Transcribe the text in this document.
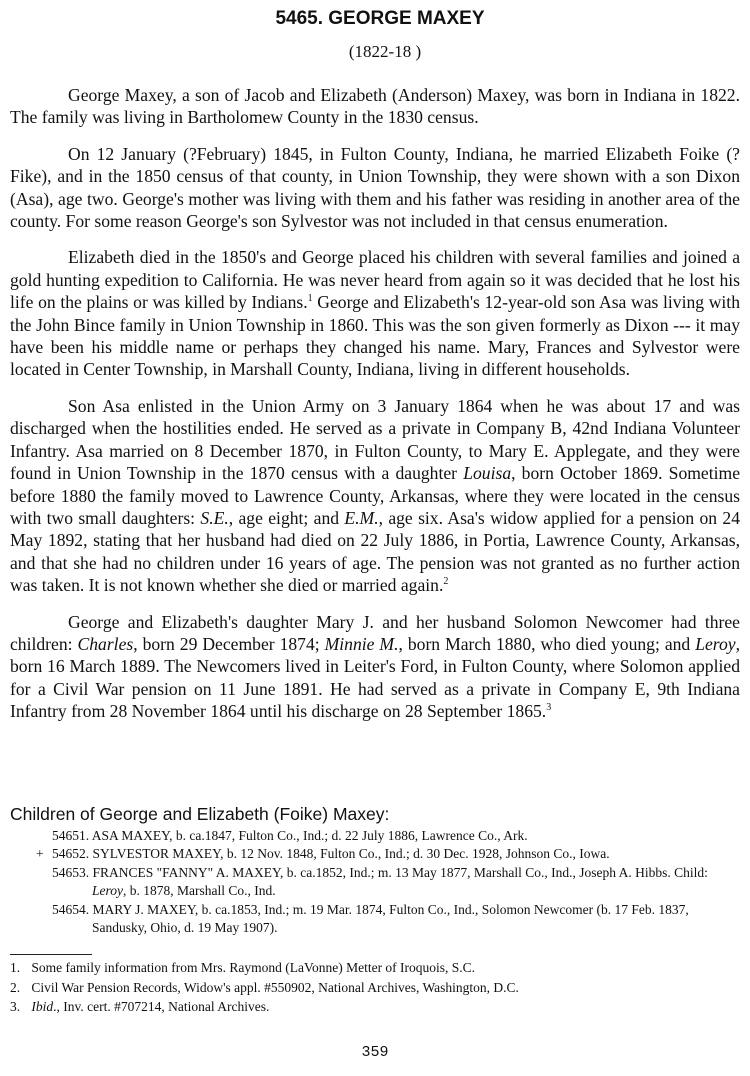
5465. GEORGE MAXEY
(1822-18 )

George Maxey, a son of Jacob and Elizabeth (Anderson) Maxey, was born in Indiana in 1822. The family was living in Bartholomew County in the 1830 census.

On 12 January (?February) 1845, in Fulton County, Indiana, he married Elizabeth Foike (?Fike), and in the 1850 census of that county, in Union Township, they were shown with a son Dixon (Asa), age two. George's mother was living with them and his father was residing in another area of the county. For some reason George's son Sylvestor was not included in that census enumeration.

Elizabeth died in the 1850's and George placed his children with several families and joined a gold hunting expedition to California. He was never heard from again so it was decided that he lost his life on the plains or was killed by Indians.$^1$ George and Elizabeth's 12-year-old son Asa was living with the John Bince family in Union Township in 1860. This was the son given formerly as Dixon --- it may have been his middle name or perhaps they changed his name. Mary, Frances and Sylvestor were located in Center Township, in Marshall County, Indiana, living in different households.

Son Asa enlisted in the Union Army on 3 January 1864 when he was about 17 and was discharged when the hostilities ended. He served as a private in Company B, 42nd Indiana Volunteer Infantry. Asa married on 8 December 1870, in Fulton County, to Mary E. Applegate, and they were found in Union Township in the 1870 census with a daughter Louisa, born October 1869. Sometime before 1880 the family moved to Lawrence County, Arkansas, where they were located in the census with two small daughters: S.E., age eight; and E.M., age six. Asa's widow applied for a pension on 24 May 1892, stating that her husband had died on 22 July 1886, in Portia, Lawrence County, Arkansas, and that she had no children under 16 years of age. The pension was not granted as no further action was taken. It is not known whether she died or married again.$^2$

George and Elizabeth's daughter Mary J. and her husband Solomon Newcomer had three children: Charles, born 29 December 1874; Minnie M., born March 1880, who died young; and Leroy, born 16 March 1889. The Newcomers lived in Leiter's Ford, in Fulton County, where Solomon applied for a Civil War pension on 11 June 1891. He had served as a private in Company E, 9th Indiana Infantry from 28 November 1864 until his discharge on 28 September 1865.$^3$

Children of George and Elizabeth (Foike) Maxey:
54651. ASA MAXEY, b. ca.1847, Fulton Co., Ind.; d. 22 July 1886, Lawrence Co., Ark.
+ 54652. SYLVESTOR MAXEY, b. 12 Nov. 1848, Fulton Co., Ind.; d. 30 Dec. 1928, Johnson Co., Iowa.
54653. FRANCES "FANNY" A. MAXEY, b. ca.1852, Ind.; m. 13 May 1877, Marshall Co., Ind., Joseph A. Hibbs. Child: Leroy, b. 1878, Marshall Co., Ind.
54654. MARY J. MAXEY, b. ca.1853, Ind.; m. 19 Mar. 1874, Fulton Co., Ind., Solomon Newcomer (b. 17 Feb. 1837, Sandusky, Ohio, d. 19 May 1907).
1. Some family information from Mrs. Raymond (LaVonne) Metter of Iroquois, S.C.
2. Civil War Pension Records, Widow's appl. #550902, National Archives, Washington, D.C.
3. Ibid., Inv. cert. #707214, National Archives.
359
